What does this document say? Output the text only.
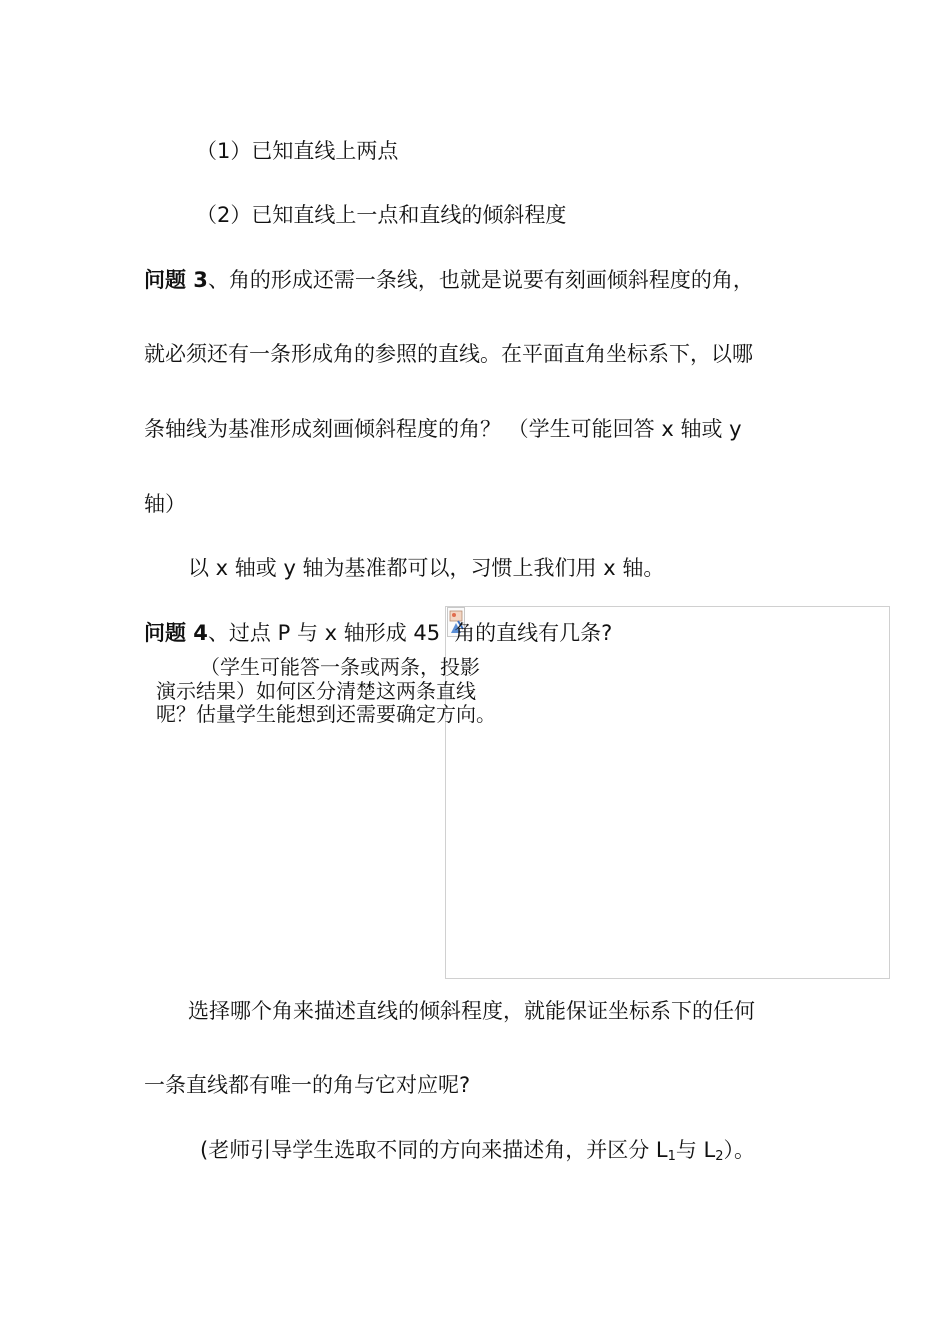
（1）已知直线上两点
（2）已知直线上一点和直线的倾斜程度
问题 3、角的形成还需一条线，也就是说要有刻画倾斜程度的角，
就必须还有一条形成角的参照的直线。在平面直角坐标系下，以哪
条轴线为基准形成刻画倾斜程度的角？ （学生可能回答 x 轴或 y
轴）
以 x 轴或 y 轴为基准都可以，习惯上我们用 x 轴。
问题 4、过点 P 与 x 轴形成 45 角的直线有几条?
（学生可能答一条或两条，投影
演示结果）如何区分清楚这两条直线
呢？估量学生能想到还需要确定方向。
选择哪个角来描述直线的倾斜程度，就能保证坐标系下的任何
一条直线都有唯一的角与它对应呢?
(老师引导学生选取不同的方向来描述角，并区分 $L_1$与 $L_2$）。
